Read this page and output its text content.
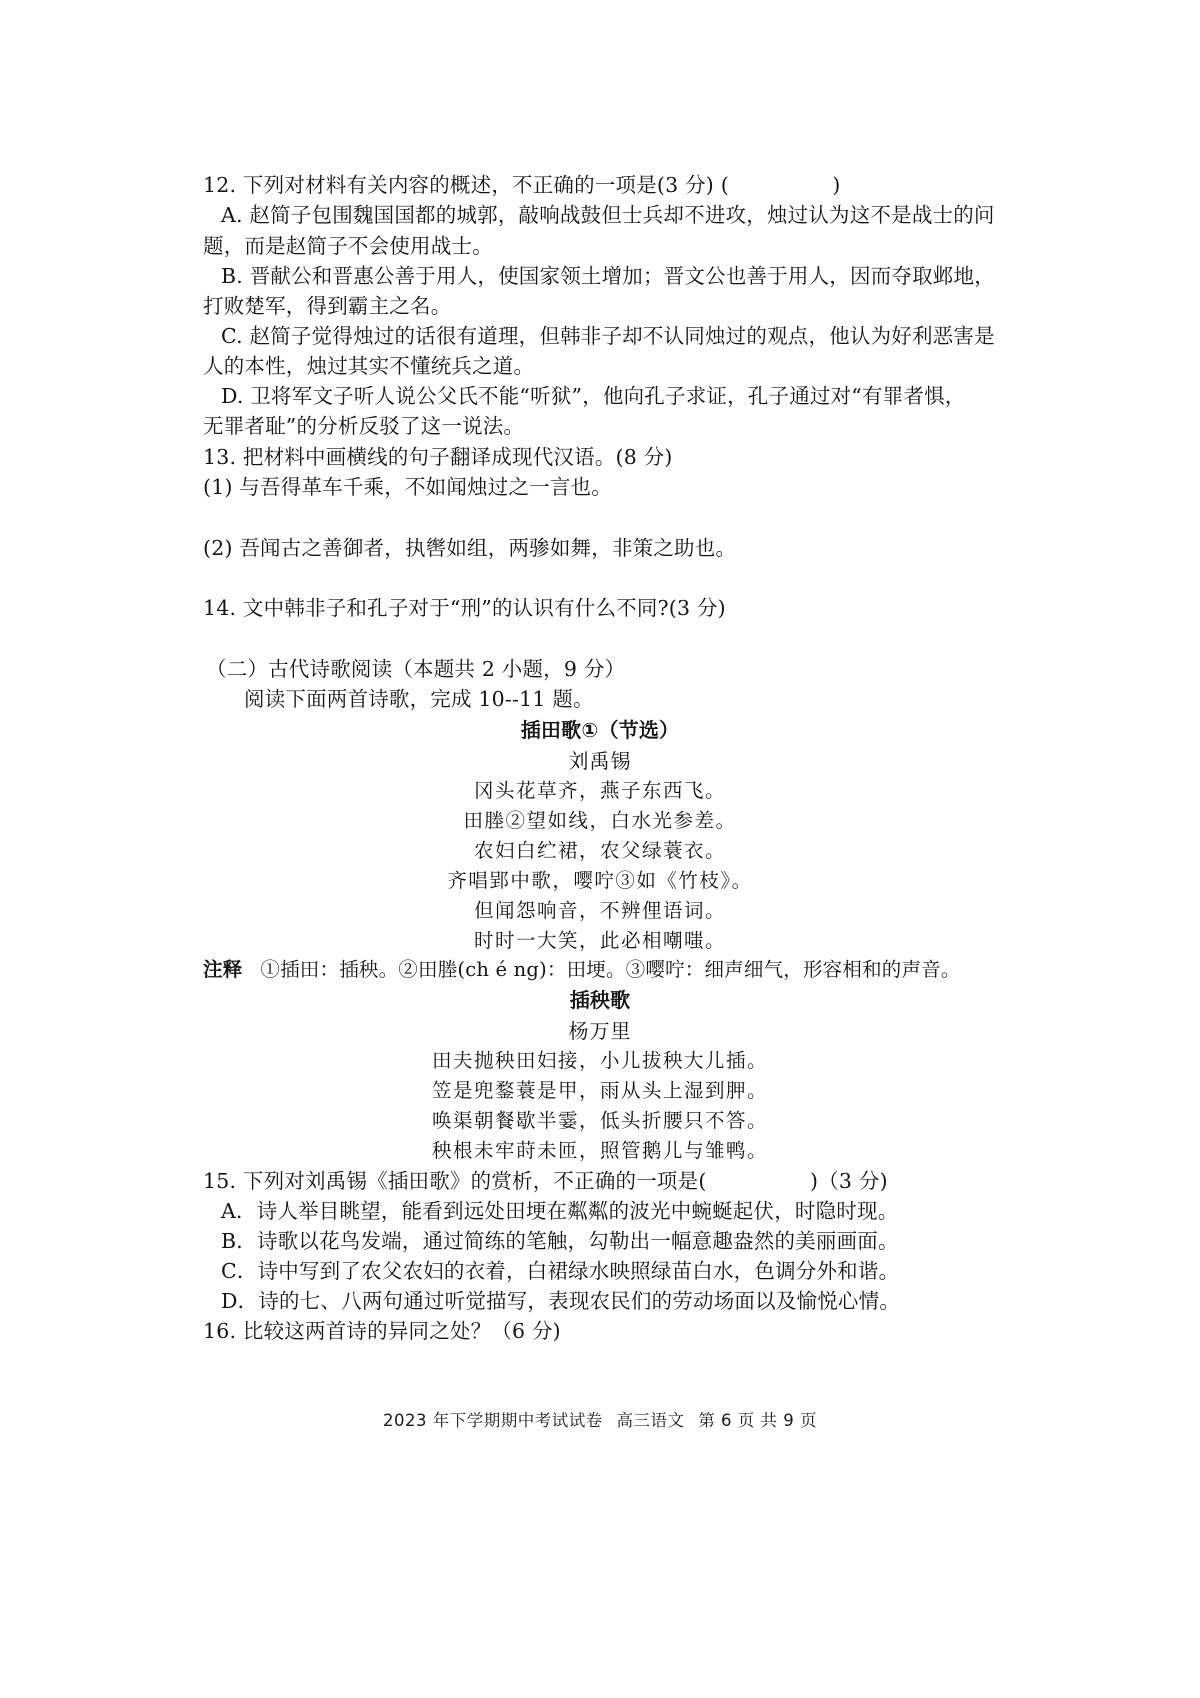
12. 下列对材料有关内容的概述，不正确的一项是(3 分) (　　　　　)
A. 赵简子包围魏国国都的城郭，敲响战鼓但士兵却不进攻，烛过认为这不是战士的问
题，而是赵简子不会使用战士。
B. 晋献公和晋惠公善于用人，使国家领土增加；晋文公也善于用人，因而夺取邺地，
打败楚军，得到霸主之名。
C. 赵简子觉得烛过的话很有道理，但韩非子却不认同烛过的观点，他认为好利恶害是
人的本性，烛过其实不懂统兵之道。
D. 卫将军文子听人说公父氏不能“听狱”，他向孔子求证，孔子通过对“有罪者惧，
无罪者耻”的分析反驳了这一说法。
13. 把材料中画横线的句子翻译成现代汉语。(8 分)
(1) 与吾得革车千乘，不如闻烛过之一言也。
(2) 吾闻古之善御者，执辔如组，两骖如舞，非策之助也。
14. 文中韩非子和孔子对于“刑”的认识有什么不同?(3 分)
（二）古代诗歌阅读（本题共 2 小题，9 分）
阅读下面两首诗歌，完成 10--11 题。
插田歌①（节选）
刘禹锡
冈头花草齐，燕子东西飞。
田塍②望如线，白水光参差。
农妇白纻裙，农父绿蓑衣。
齐唱郢中歌，嘤咛③如《竹枝》。
但闻怨响音，不辨俚语词。
时时一大笑，此必相嘲嗤。
注释 ①插田：插秧。②田塍(ch é ng)：田埂。③嘤咛：细声细气，形容相和的声音。
插秧歌
杨万里
田夫抛秧田妇接，小儿拔秧大儿插。
笠是兜鍪蓑是甲，雨从头上湿到胛。
唤渠朝餐歇半霎，低头折腰只不答。
秧根未牢莳未匝，照管鹅儿与雏鸭。
15. 下列对刘禹锡《插田歌》的赏析，不正确的一项是(　　　　　)（3 分)
A．诗人举目眺望，能看到远处田埂在粼粼的波光中蜿蜒起伏，时隐时现。
B．诗歌以花鸟发端，通过简练的笔触，勾勒出一幅意趣盎然的美丽画面。
C．诗中写到了农父农妇的衣着，白裙绿水映照绿苗白水，色调分外和谐。
D．诗的七、八两句通过听觉描写，表现农民们的劳动场面以及愉悦心情。
16. 比较这两首诗的异同之处？（6 分)
2023 年下学期期中考试试卷 高三语文 第 6 页 共 9 页
